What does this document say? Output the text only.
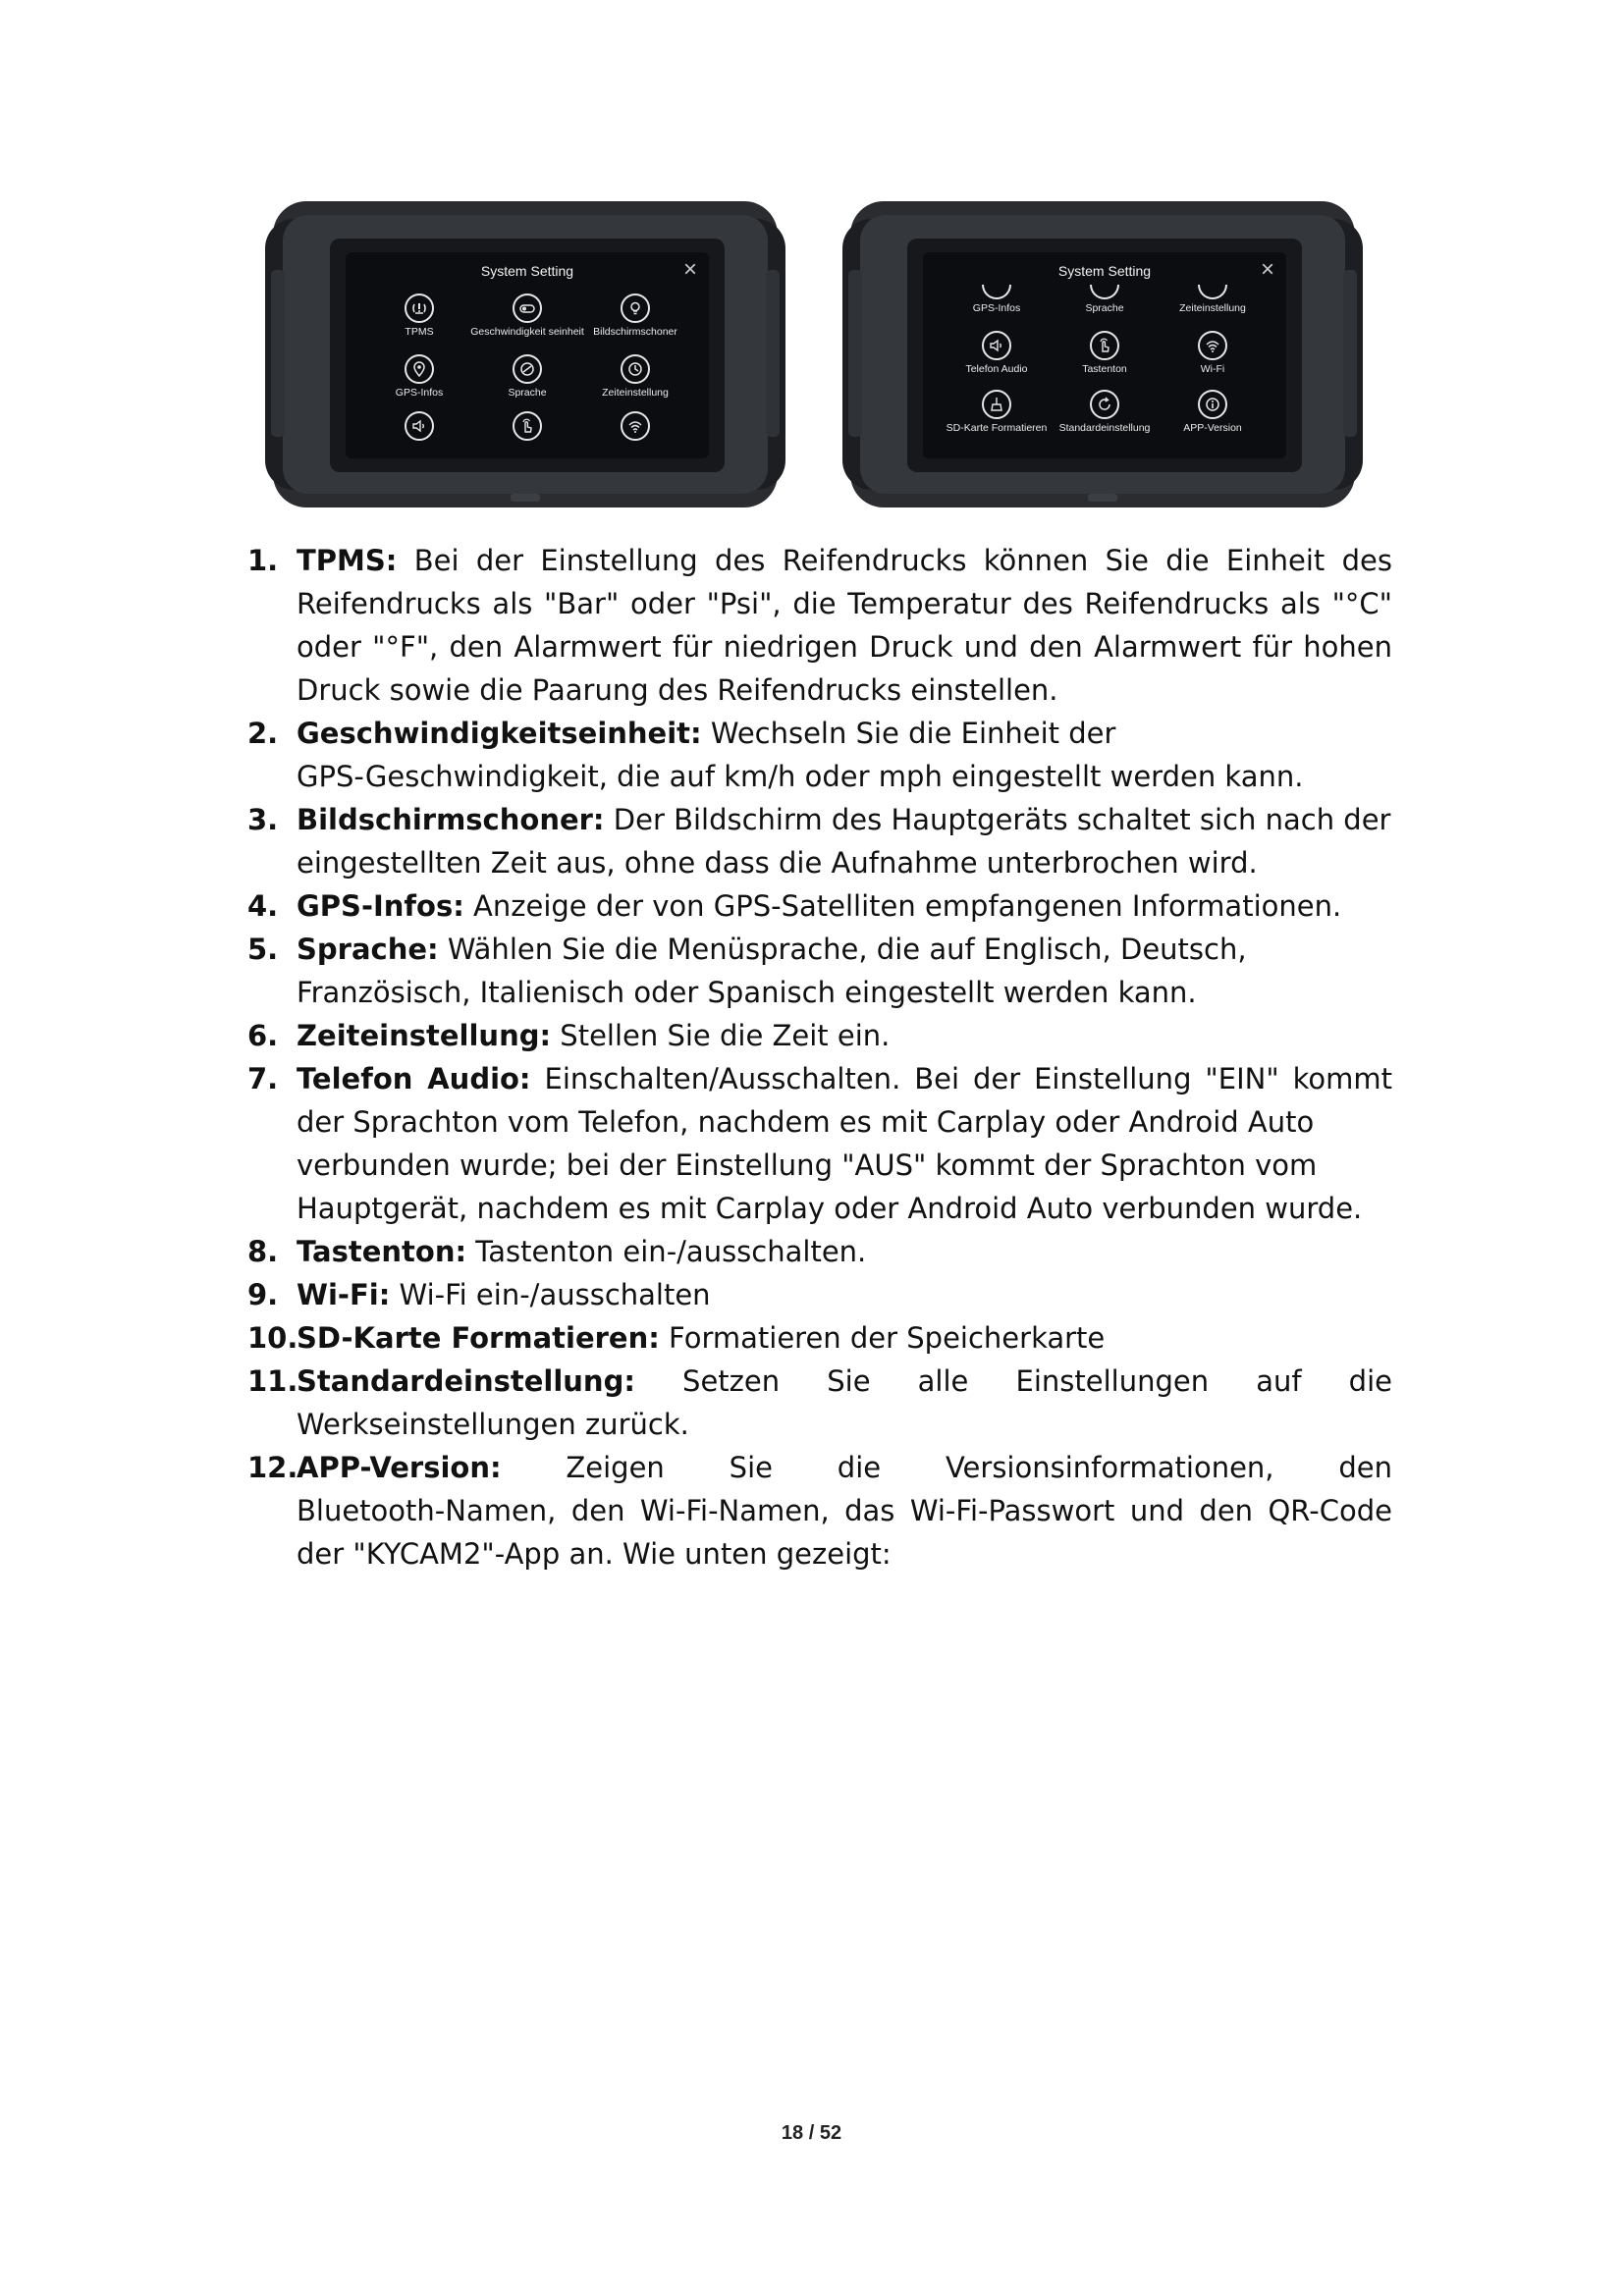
System Setting	×
TPMS	Geschwindigkeit seinheit Bildschirmschoner
GPS-Infos	Sprache	Zeiteinstellung
System Setting	×
GPS-Infos	Sprache	Zeiteinstellung
Telefon Audio	Tastenton	Wi-Fi
SD-Karte Formatieren	Standardeinstellung	APP-Version
1. TPMS: Bei der Einstellung des Reifendrucks können Sie die Einheit des
Reifendrucks als "Bar" oder "Psi", die Temperatur des Reifendrucks als "°C"
oder "°F", den Alarmwert für niedrigen Druck und den Alarmwert für hohen
Druck sowie die Paarung des Reifendrucks einstellen.
2. Geschwindigkeitseinheit: Wechseln Sie die Einheit der
GPS-Geschwindigkeit, die auf km/h oder mph eingestellt werden kann.
3. Bildschirmschoner: Der Bildschirm des Hauptgeräts schaltet sich nach der
eingestellten Zeit aus, ohne dass die Aufnahme unterbrochen wird.
4. GPS-Infos: Anzeige der von GPS-Satelliten empfangenen Informationen.
5. Sprache: Wählen Sie die Menüsprache, die auf Englisch, Deutsch,
Französisch, Italienisch oder Spanisch eingestellt werden kann.
6. Zeiteinstellung: Stellen Sie die Zeit ein.
7. Telefon Audio: Einschalten/Ausschalten. Bei der Einstellung "EIN" kommt
der Sprachton vom Telefon, nachdem es mit Carplay oder Android Auto
verbunden wurde; bei der Einstellung "AUS" kommt der Sprachton vom
Hauptgerät, nachdem es mit Carplay oder Android Auto verbunden wurde.
8. Tastenton: Tastenton ein-/ausschalten.
9. Wi-Fi: Wi-Fi ein-/ausschalten
10.
SD-Karte Formatieren: Formatieren der Speicherkarte
11.
Standardeinstellung: Setzen Sie alle Einstellungen auf die
Werkseinstellungen zurück.
12.
APP-Version: Zeigen Sie die Versionsinformationen, den
Bluetooth-Namen, den Wi-Fi-Namen, das Wi-Fi-Passwort und den QR-Code
der "KYCAM2"-App an. Wie unten gezeigt:
18 / 52
